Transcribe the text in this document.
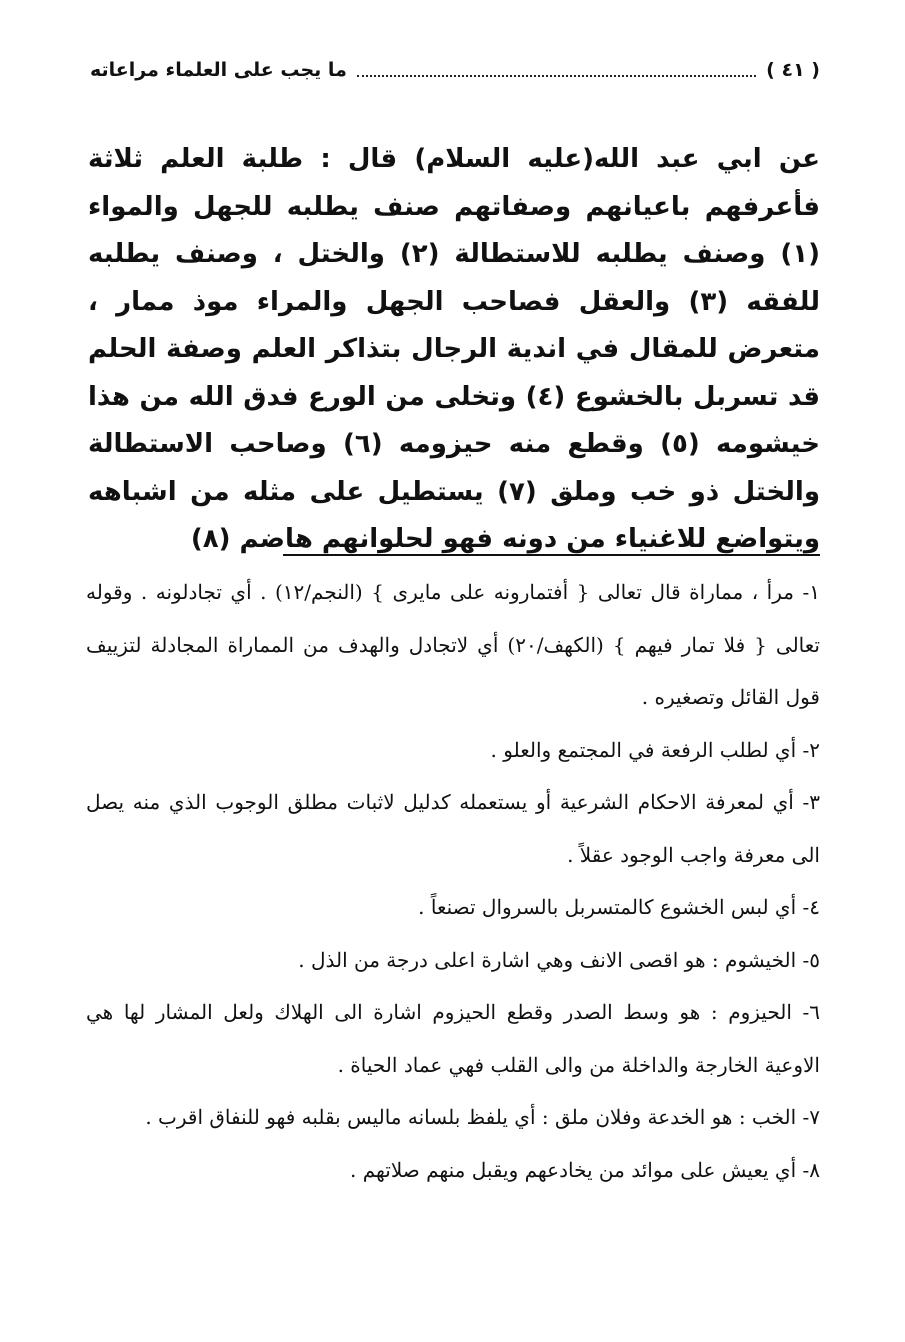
ما يجب على العلماء مراعاته	( ٤١ )
عن ابي عبد الله(عليه السلام) قال : طلبة العلم ثلاثة فأعرفهم باعيانهم وصفاتهم صنف يطلبه للجهل والمواء (١) وصنف يطلبه للاستطالة (٢) والختل ، وصنف يطلبه للفقه (٣) والعقل فصاحب الجهل والمراء موذ ممار ، متعرض للمقال في اندية الرجال بتذاكر العلم وصفة الحلم قد تسربل بالخشوع (٤) وتخلى من الورع فدق الله من هذا خيشومه (٥) وقطع منه حيزومه (٦) وصاحب الاستطالة والختل ذو خب وملق (٧) يستطيل على مثله من اشباهه ويتواضع للاغنياء من دونه فهو لحلوانهم هاضم (٨)

١- مرأ ، مماراة قال تعالى { أفتمارونه على مايرى } (النجم/١٢) . أي تجادلونه . وقوله تعالى { فلا تمار فيهم } (الكهف/٢٠) أي لاتجادل والهدف من المماراة المجادلة لتزييف قول القائل وتصغيره .

٢- أي لطلب الرفعة في المجتمع والعلو .

٣- أي لمعرفة الاحكام الشرعية أو يستعمله كدليل لاثبات مطلق الوجوب الذي منه يصل الى معرفة واجب الوجود عقلاً .

٤- أي لبس الخشوع كالمتسربل بالسروال تصنعاً .

٥- الخيشوم : هو اقصى الانف وهي اشارة اعلى درجة من الذل .

٦- الحيزوم : هو وسط الصدر وقطع الحيزوم اشارة الى الهلاك ولعل المشار لها هي الاوعية الخارجة والداخلة من والى القلب فهي عماد الحياة .

٧- الخب : هو الخدعة وفلان ملق : أي يلفظ بلسانه ماليس بقلبه فهو للنفاق اقرب .

٨- أي يعيش على موائد من يخادعهم ويقبل منهم صلاتهم .
